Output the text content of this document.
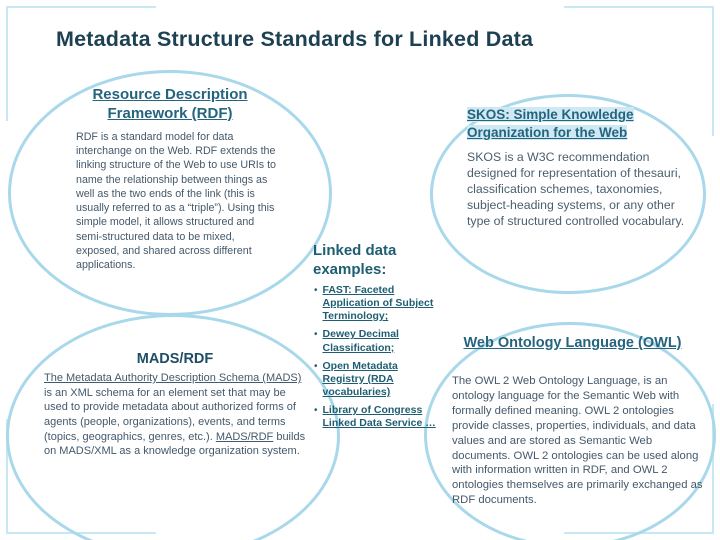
Metadata Structure Standards for Linked Data
Resource Description Framework (RDF)
RDF is a standard model for data interchange on the Web. RDF extends the linking structure of the Web to use URIs to name the relationship between things as well as the two ends of the link (this is usually referred to as a “triple”). Using this simple model, it allows structured and semi-structured data to be mixed, exposed, and shared across different applications.
SKOS: Simple Knowledge Organization for the Web
SKOS is a W3C recommendation designed for representation of thesauri, classification schemes, taxonomies, subject-heading systems, or any other type of structured controlled vocabulary.
Linked data examples:
• FAST: Faceted Application of Subject Terminology;
• Dewey Decimal Classification;
• Open Metadata Registry (RDA vocabularies)
• Library of Congress Linked Data Service …
MADS/RDF
The Metadata Authority Description Schema (MADS) is an XML schema for an element set that may be used to provide metadata about authorized forms of agents (people, organizations), events, and terms (topics, geographics, genres, etc.). MADS/RDF builds on MADS/XML as a knowledge organization system.
Web Ontology Language (OWL)
The OWL 2 Web Ontology Language, is an ontology language for the Semantic Web with formally defined meaning. OWL 2 ontologies provide classes, properties, individuals, and data values and are stored as Semantic Web documents. OWL 2 ontologies can be used along with information written in RDF, and OWL 2 ontologies themselves are primarily exchanged as RDF documents.
